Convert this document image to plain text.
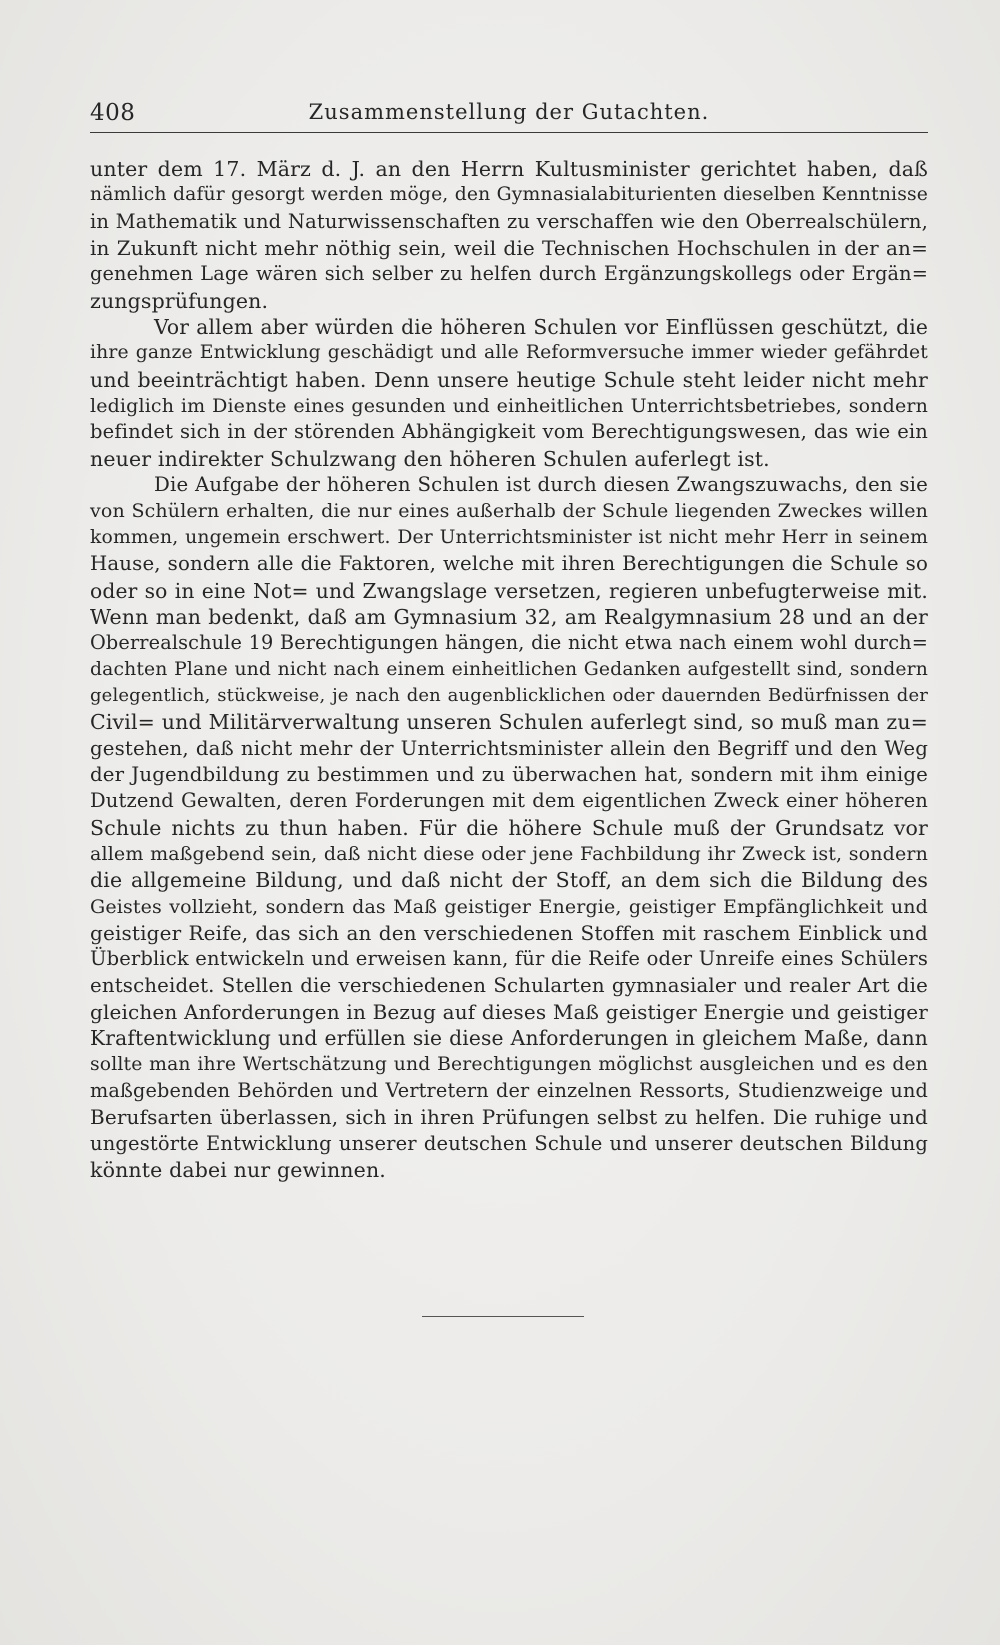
408	Zusammenstellung der Gutachten.

unter dem 17. März d. J. an den Herrn Kultusminister gerichtet haben, daß
nämlich dafür gesorgt werden möge, den Gymnasialabiturienten dieselben Kenntnisse
in Mathematik und Naturwissenschaften zu verschaffen wie den Oberrealschülern,
in Zukunft nicht mehr nöthig sein, weil die Technischen Hochschulen in der an=
genehmen Lage wären sich selber zu helfen durch Ergänzungskollegs oder Ergän=
zungsprüfungen.

Vor allem aber würden die höheren Schulen vor Einflüssen geschützt, die
ihre ganze Entwicklung geschädigt und alle Reformversuche immer wieder gefährdet
und beeinträchtigt haben. Denn unsere heutige Schule steht leider nicht mehr
lediglich im Dienste eines gesunden und einheitlichen Unterrichtsbetriebes, sondern
befindet sich in der störenden Abhängigkeit vom Berechtigungswesen, das wie ein
neuer indirekter Schulzwang den höheren Schulen auferlegt ist.

Die Aufgabe der höheren Schulen ist durch diesen Zwangszuwachs, den sie
von Schülern erhalten, die nur eines außerhalb der Schule liegenden Zweckes willen
kommen, ungemein erschwert. Der Unterrichtsminister ist nicht mehr Herr in seinem
Hause, sondern alle die Faktoren, welche mit ihren Berechtigungen die Schule so
oder so in eine Not= und Zwangslage versetzen, regieren unbefugterweise mit.
Wenn man bedenkt, daß am Gymnasium 32, am Realgymnasium 28 und an der
Oberrealschule 19 Berechtigungen hängen, die nicht etwa nach einem wohl durch=
dachten Plane und nicht nach einem einheitlichen Gedanken aufgestellt sind, sondern
gelegentlich, stückweise, je nach den augenblicklichen oder dauernden Bedürfnissen der
Civil= und Militärverwaltung unseren Schulen auferlegt sind, so muß man zu=
gestehen, daß nicht mehr der Unterrichtsminister allein den Begriff und den Weg
der Jugendbildung zu bestimmen und zu überwachen hat, sondern mit ihm einige
Dutzend Gewalten, deren Forderungen mit dem eigentlichen Zweck einer höheren
Schule nichts zu thun haben. Für die höhere Schule muß der Grundsatz vor
allem maßgebend sein, daß nicht diese oder jene Fachbildung ihr Zweck ist, sondern
die allgemeine Bildung, und daß nicht der Stoff, an dem sich die Bildung des
Geistes vollzieht, sondern das Maß geistiger Energie, geistiger Empfänglichkeit und
geistiger Reife, das sich an den verschiedenen Stoffen mit raschem Einblick und
Überblick entwickeln und erweisen kann, für die Reife oder Unreife eines Schülers
entscheidet. Stellen die verschiedenen Schularten gymnasialer und realer Art die
gleichen Anforderungen in Bezug auf dieses Maß geistiger Energie und geistiger
Kraftentwicklung und erfüllen sie diese Anforderungen in gleichem Maße, dann
sollte man ihre Wertschätzung und Berechtigungen möglichst ausgleichen und es den
maßgebenden Behörden und Vertretern der einzelnen Ressorts, Studienzweige und
Berufsarten überlassen, sich in ihren Prüfungen selbst zu helfen. Die ruhige und
ungestörte Entwicklung unserer deutschen Schule und unserer deutschen Bildung
könnte dabei nur gewinnen.
